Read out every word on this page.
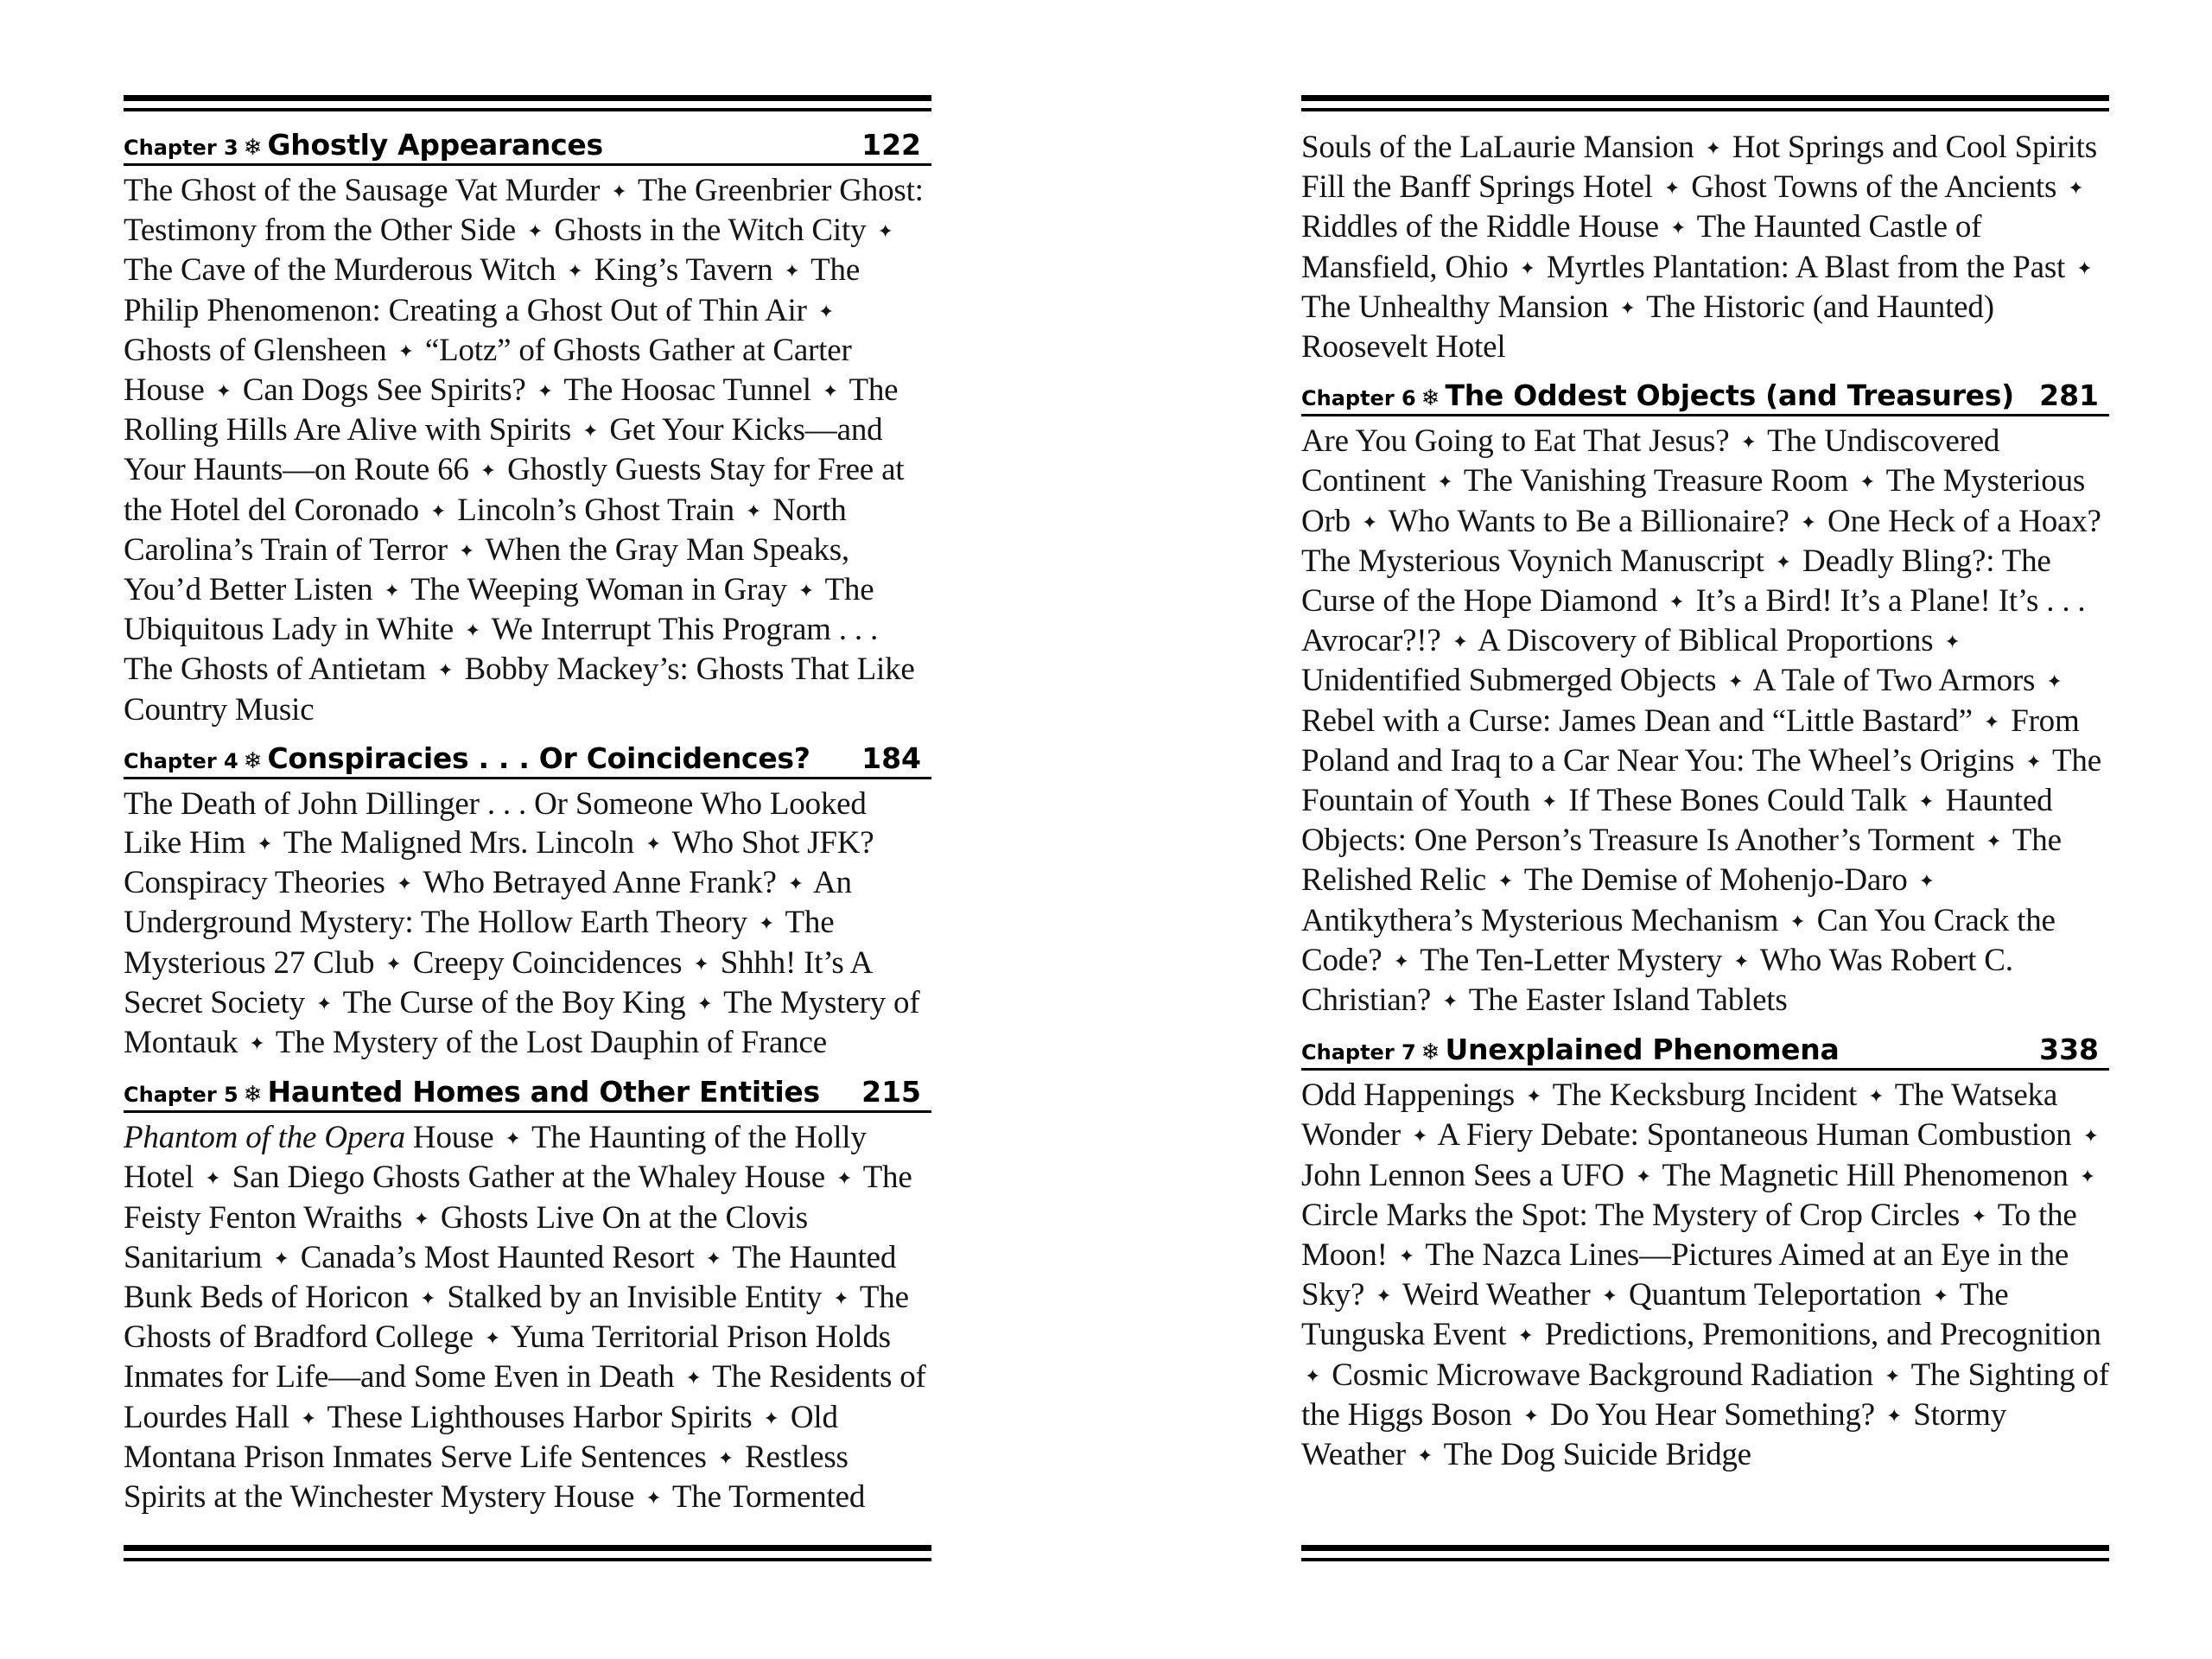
Chapter 3 ❄ Ghostly Appearances	122

The Ghost of the Sausage Vat Murder ✦ The Greenbrier Ghost: Testimony from the Other Side ✦ Ghosts in the Witch City ✦ The Cave of the Murderous Witch ✦ King’s Tavern ✦ The Philip Phenomenon: Creating a Ghost Out of Thin Air ✦ Ghosts of Glensheen ✦ “Lotz” of Ghosts Gather at Carter House ✦ Can Dogs See Spirits? ✦ The Hoosac Tunnel ✦ The Rolling Hills Are Alive with Spirits ✦ Get Your Kicks—and Your Haunts—on Route 66 ✦ Ghostly Guests Stay for Free at the Hotel del Coronado ✦ Lincoln’s Ghost Train ✦ North Carolina’s Train of Terror ✦ When the Gray Man Speaks, You’d Better Listen ✦ The Weeping Woman in Gray ✦ The Ubiquitous Lady in White ✦ We Interrupt This Program . . . The Ghosts of Antietam ✦ Bobby Mackey’s: Ghosts That Like Country Music

Chapter 4 ❄ Conspiracies . . . Or Coincidences? 184

The Death of John Dillinger . . . Or Someone Who Looked Like Him ✦ The Maligned Mrs. Lincoln ✦ Who Shot JFK? Conspiracy Theories ✦ Who Betrayed Anne Frank? ✦ An Underground Mystery: The Hollow Earth Theory ✦ The Mysterious 27 Club ✦ Creepy Coincidences ✦ Shhh! It’s A Secret Society ✦ The Curse of the Boy King ✦ The Mystery of Montauk ✦ The Mystery of the Lost Dauphin of France

Chapter 5 ❄ Haunted Homes and Other Entities 215

Phantom of the Opera House ✦ The Haunting of the Holly Hotel ✦ San Diego Ghosts Gather at the Whaley House ✦ The Feisty Fenton Wraiths ✦ Ghosts Live On at the Clovis Sanitarium ✦ Canada’s Most Haunted Resort ✦ The Haunted Bunk Beds of Horicon ✦ Stalked by an Invisible Entity ✦ The Ghosts of Bradford College ✦ Yuma Territorial Prison Holds Inmates for Life—and Some Even in Death ✦ The Residents of Lourdes Hall ✦ These Lighthouses Harbor Spirits ✦ Old Montana Prison Inmates Serve Life Sentences ✦ Restless Spirits at the Winchester Mystery House ✦ The Tormented

Souls of the LaLaurie Mansion ✦ Hot Springs and Cool Spirits Fill the Banff Springs Hotel ✦ Ghost Towns of the Ancients ✦ Riddles of the Riddle House ✦ The Haunted Castle of Mansfield, Ohio ✦ Myrtles Plantation: A Blast from the Past ✦ The Unhealthy Mansion ✦ The Historic (and Haunted) Roosevelt Hotel

Chapter 6 ❄ The Oddest Objects (and Treasures) 281

Are You Going to Eat That Jesus? ✦ The Undiscovered Continent ✦ The Vanishing Treasure Room ✦ The Mysterious Orb ✦ Who Wants to Be a Billionaire? ✦ One Heck of a Hoax? The Mysterious Voynich Manuscript ✦ Deadly Bling?: The Curse of the Hope Diamond ✦ It’s a Bird! It’s a Plane! It’s . . . Avrocar?!? ✦ A Discovery of Biblical Proportions ✦ Unidentified Submerged Objects ✦ A Tale of Two Armors ✦ Rebel with a Curse: James Dean and “Little Bastard” ✦ From Poland and Iraq to a Car Near You: The Wheel’s Origins ✦ The Fountain of Youth ✦ If These Bones Could Talk ✦ Haunted Objects: One Person’s Treasure Is Another’s Torment ✦ The Relished Relic ✦ The Demise of Mohenjo-Daro ✦ Antikythera’s Mysterious Mechanism ✦ Can You Crack the Code? ✦ The Ten-Letter Mystery ✦ Who Was Robert C. Christian? ✦ The Easter Island Tablets

Chapter 7 ❄ Unexplained Phenomena	338

Odd Happenings ✦ The Kecksburg Incident ✦ The Watseka Wonder ✦ A Fiery Debate: Spontaneous Human Combustion ✦ John Lennon Sees a UFO ✦ The Magnetic Hill Phenomenon ✦ Circle Marks the Spot: The Mystery of Crop Circles ✦ To the Moon! ✦ The Nazca Lines—Pictures Aimed at an Eye in the Sky? ✦ Weird Weather ✦ Quantum Teleportation ✦ The Tunguska Event ✦ Predictions, Premonitions, and Precognition ✦ Cosmic Microwave Background Radiation ✦ The Sighting of the Higgs Boson ✦ Do You Hear Something? ✦ Stormy Weather ✦ The Dog Suicide Bridge
